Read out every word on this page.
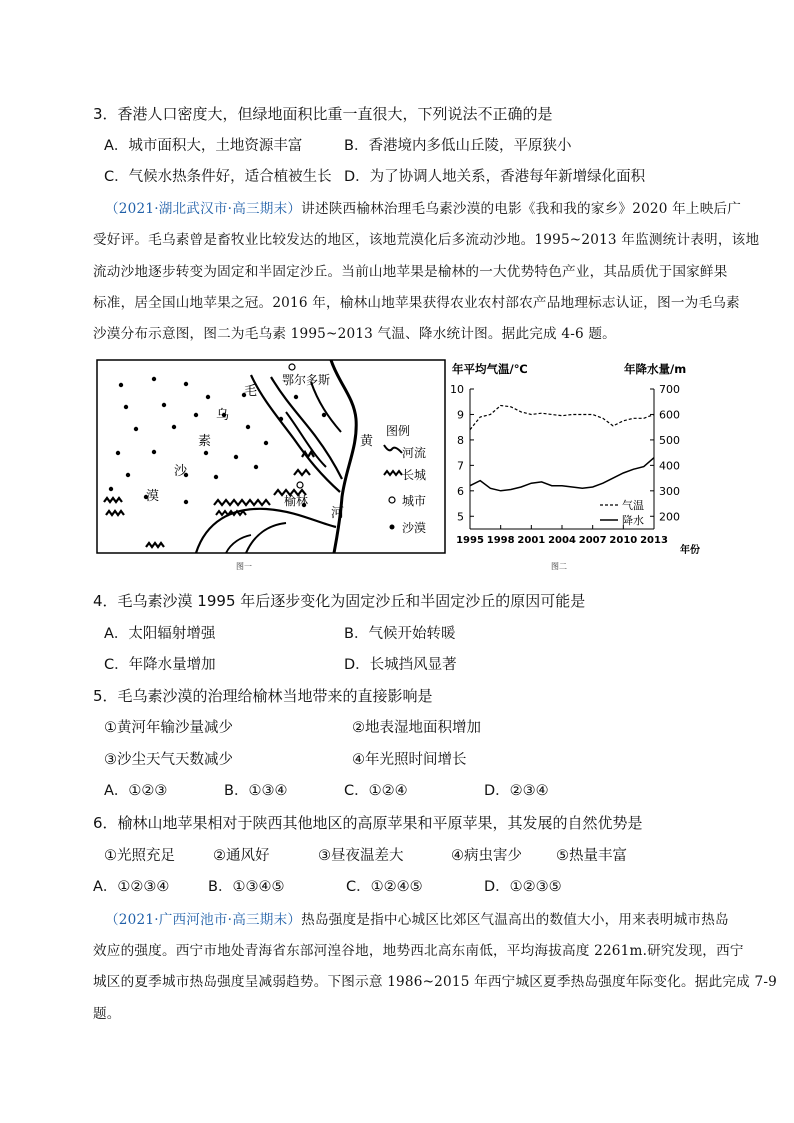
3．香港人口密度大，但绿地面积比重一直很大，下列说法不正确的是
A．城市面积大，土地资源丰富	B．香港境内多低山丘陵，平原狭小
C．气候水热条件好，适合植被生长 D．为了协调人地关系，香港每年新增绿化面积
（2021·湖北武汉市·高三期末）讲述陕西榆林治理毛乌素沙漠的电影《我和我的家乡》2020 年上映后广
受好评。毛乌素曾是畜牧业比较发达的地区，该地荒漠化后多流动沙地。1995~2013 年监测统计表明，该地
流动沙地逐步转变为固定和半固定沙丘。当前山地苹果是榆林的一大优势特色产业，其品质优于国家鲜果
标准，居全国山地苹果之冠。2016 年，榆林山地苹果获得农业农村部农产品地理标志认证，图一为毛乌素
沙漠分布示意图，图二为毛乌素 1995~2013 气温、降水统计图。据此完成 4-6 题。
毛
乌
素
沙
漠
黄
河
鄂尔多斯
榆林
图例
河流
长城
城市
沙漠
图一
年平均气温/℃	年降水量/m
10
9
8
7
6
5
700
600
500
400
300
200
1995 1998 2001 2004 2007 2010 2013
年份
气温
降水
图二
4．毛乌素沙漠 1995 年后逐步变化为固定沙丘和半固定沙丘的原因可能是
A．太阳辐射增强	B．气候开始转暖
C．年降水量增加	D．长城挡风显著
5．毛乌素沙漠的治理给榆林当地带来的直接影响是
①黄河年输沙量减少	②地表湿地面积增加
③沙尘天气天数减少	④年光照时间增长
A．①②③	B．①③④	C．①②④	D．②③④
6．榆林山地苹果相对于陕西其他地区的高原苹果和平原苹果，其发展的自然优势是
①光照充足	②通风好	③昼夜温差大	④病虫害少 ⑤热量丰富
A．①②③④	B．①③④⑤	C．①②④⑤	D．①②③⑤
（2021·广西河池市·高三期末）热岛强度是指中心城区比郊区气温高出的数值大小，用来表明城市热岛
效应的强度。西宁市地处青海省东部河湟谷地，地势西北高东南低，平均海拔高度 2261m.研究发现，西宁
城区的夏季城市热岛强度呈减弱趋势。下图示意 1986~2015 年西宁城区夏季热岛强度年际变化。据此完成 7-9
题。
